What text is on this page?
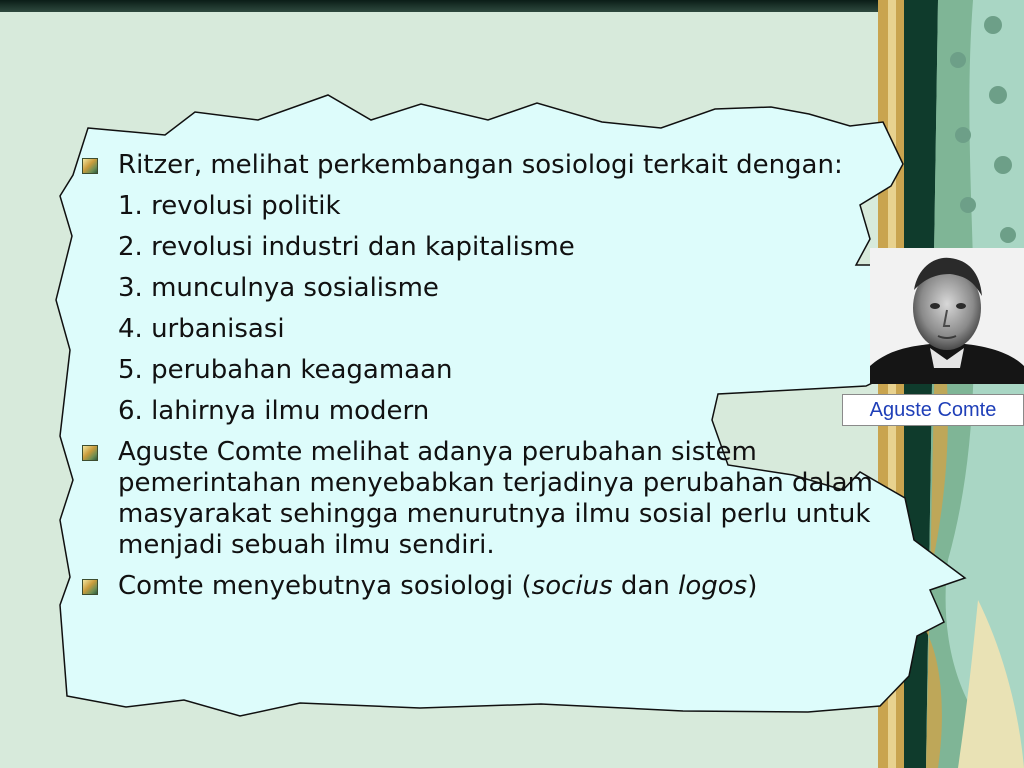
Ritzer, melihat perkembangan sosiologi terkait dengan:
1. revolusi politik
2. revolusi industri dan kapitalisme
3. munculnya sosialisme
4. urbanisasi
5. perubahan keagamaan
6. lahirnya ilmu modern
Aguste Comte melihat adanya perubahan sistem pemerintahan menyebabkan terjadinya perubahan dalam masyarakat sehingga menurutnya ilmu sosial perlu untuk menjadi sebuah ilmu sendiri.
Comte menyebutnya sosiologi (socius dan logos)
Aguste Comte
